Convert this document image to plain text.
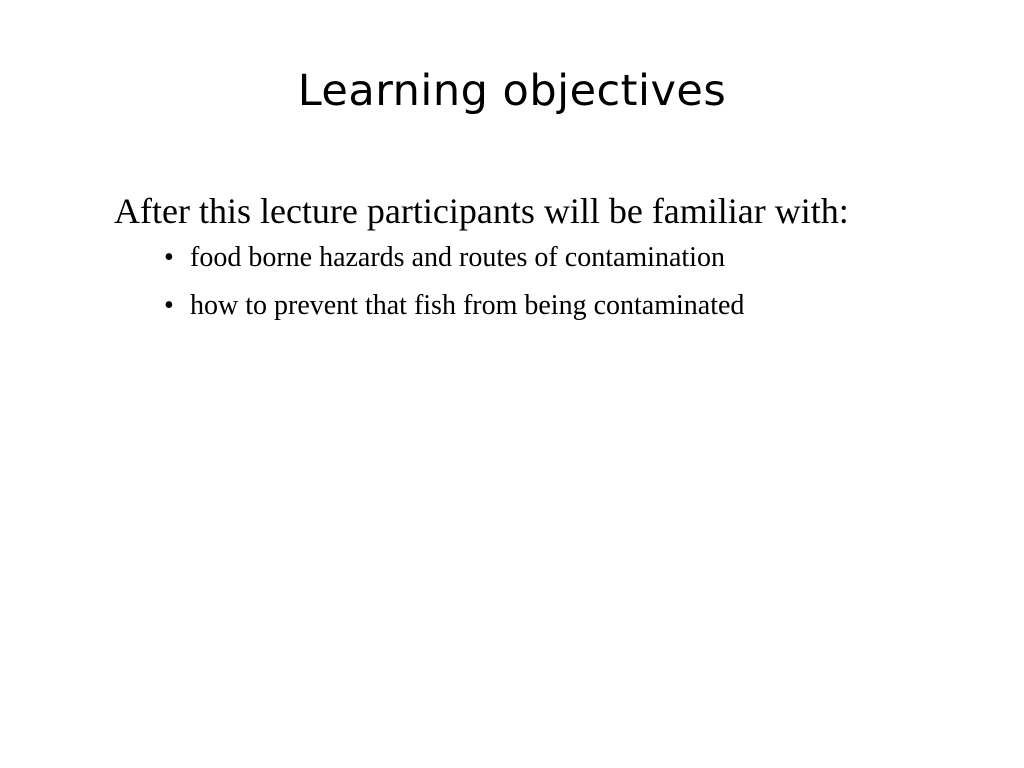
Learning objectives

After this lecture participants will be familiar with:

• food borne hazards and routes of contamination
• how to prevent that fish from being contaminated
